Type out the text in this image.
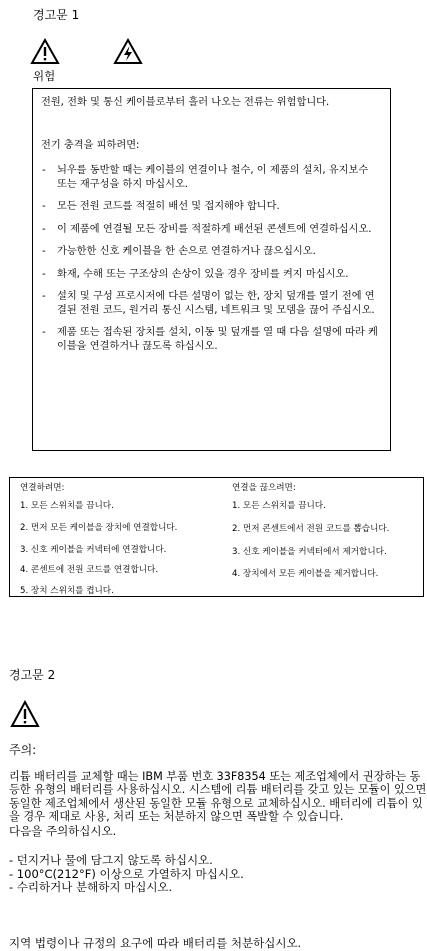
경고문 1

위험

전원, 전화 및 통신 케이블로부터 흘러 나오는 전류는 위험합니다.

전기 충격을 피하려면:

- 뇌우를 동반할 때는 케이블의 연결이나 철수, 이 제품의 설치, 유지보수 또는 재구성을 하지 마십시오.
- 모든 전원 코드를 적절히 배선 및 접지해야 합니다.
- 이 제품에 연결될 모든 장비를 적절하게 배선된 콘센트에 연결하십시오.
- 가능한한 신호 케이블을 한 손으로 연결하거나 끊으십시오.
- 화재, 수해 또는 구조상의 손상이 있을 경우 장비를 켜지 마십시오.
- 설치 및 구성 프로시저에 다른 설명이 없는 한, 장치 덮개를 열기 전에 연결된 전원 코드, 원거리 통신 시스템, 네트워크 및 모뎀을 끊어 주십시오.
- 제품 또는 접속된 장치를 설치, 이동 및 덮개를 열 때 다음 설명에 따라 케이블을 연결하거나 끊도록 하십시오.
연결하려면:
1. 모든 스위치를 끕니다.
2. 먼저 모든 케이블을 장치에 연결합니다.
3. 신호 케이블을 커넥터에 연결합니다.
4. 콘센트에 전원 코드를 연결합니다.
5. 장치 스위치를 켭니다.
연결을 끊으려면:
1. 모든 스위치를 끕니다.
2. 먼저 콘센트에서 전원 코드를 뽑습니다.
3. 신호 케이블을 커넥터에서 제거합니다.
4. 장치에서 모든 케이블을 제거합니다.
경고문 2
주의:
리튬 배터리를 교체할 때는 IBM 부품 번호 33F8354 또는 제조업체에서 권장하는 동등한 유형의 배터리를 사용하십시오. 시스템에 리튬 배터리를 갖고 있는 모듈이 있으면 동일한 제조업체에서 생산된 동일한 모듈 유형으로 교체하십시오. 배터리에 리튬이 있을 경우 제대로 사용, 처리 또는 처분하지 않으면 폭발할 수 있습니다.
다음을 주의하십시오.
- 던지거나 물에 담그지 않도록 하십시오.
- 100°C(212°F) 이상으로 가열하지 마십시오.
- 수리하거나 분해하지 마십시오.
지역 법령이나 규정의 요구에 따라 배터리를 처분하십시오.
